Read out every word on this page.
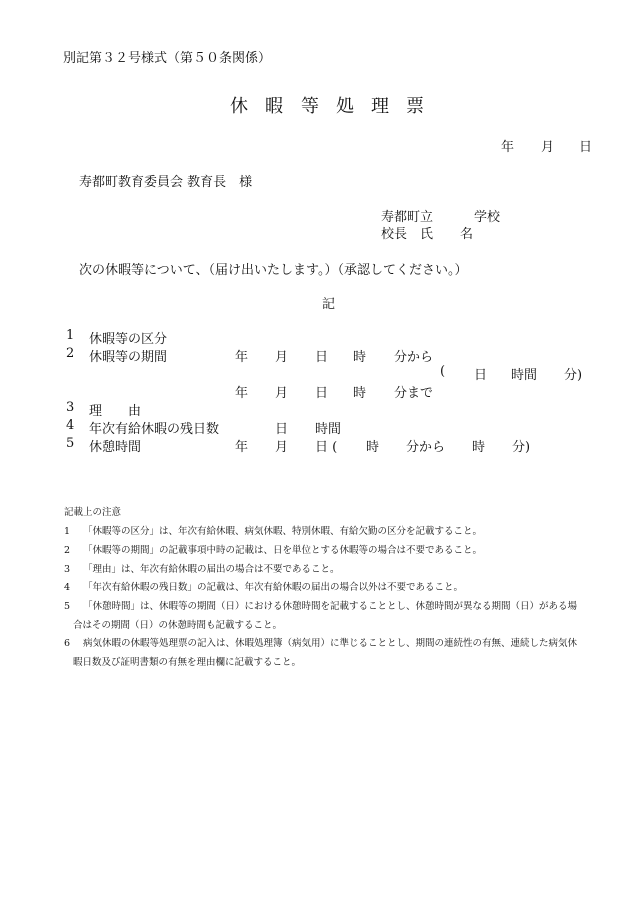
別記第３２号様式（第５０条関係）
休 暇 等 処 理 票
年 月 日
寿都町教育委員会 教育長　様
寿都町立	学校
校長　氏 名
次の休暇等について、（届け出いたします。）（承認してください。）
記
1 休暇等の区分
2 休暇等の期間	年 月 日 時 分から
( 日 時間 分)
年 月 日 時 分まで
3 理　　由
4 年次有給休暇の残日数	日 時間
5 休憩時間	年 月 日 ( 時 分から 時 分)
記載上の注意
1	「休暇等の区分」は、年次有給休暇、病気休暇、特別休暇、有給欠勤の区分を記載すること。
2	「休暇等の期間」の記載事項中時の記載は、日を単位とする休暇等の場合は不要であること。
3	「理由」は、年次有給休暇の届出の場合は不要であること。
4	「年次有給休暇の残日数」の記載は、年次有給休暇の届出の場合以外は不要であること。
5	「休憩時間」は、休暇等の期間（日）における休憩時間を記載することとし、休憩時間が異なる期間（日）がある場
合はその期間（日）の休憩時間も記載すること。
6	病気休暇の休暇等処理票の記入は、休暇処理簿（病気用）に準じることとし、期間の連続性の有無、連続した病気休
暇日数及び証明書類の有無を理由欄に記載すること。
